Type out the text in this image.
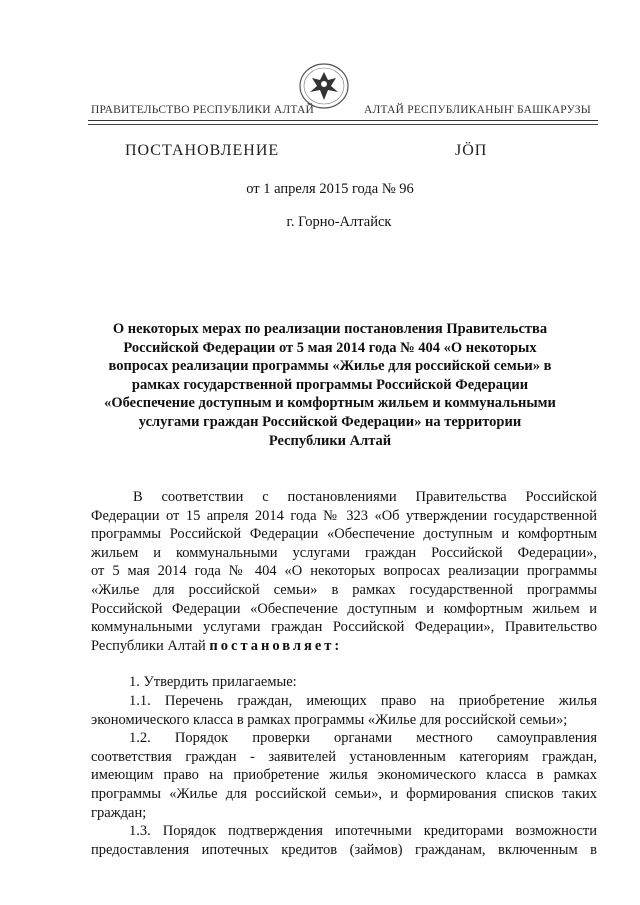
ПРАВИТЕЛЬСТВО РЕСПУБЛИКИ АЛТАЙ	АЛТАЙ РЕСПУБЛИКАНЫҤ БАШКАРУЗЫ
ПОСТАНОВЛЕНИЕ	JÖП
от 1 апреля 2015 года № 96
г. Горно-Алтайск
О некоторых мерах по реализации постановления Правительства
Российской Федерации от 5 мая 2014 года № 404 «О некоторых
вопросах реализации программы «Жилье для российской семьи» в
рамках государственной программы Российской Федерации
«Обеспечение доступным и комфортным жильем и коммунальными
услугами граждан Российской Федерации» на территории
Республики Алтай
В соответствии с постановлениями Правительства Российской
Федерации от 15 апреля 2014 года № 323 «Об утверждении государственной
программы Российской Федерации «Обеспечение доступным и комфортным
жильем и коммунальными услугами граждан Российской Федерации»,
от 5 мая 2014 года № 404 «О некоторых вопросах реализации программы
«Жилье для российской семьи» в рамках государственной программы
Российской Федерации «Обеспечение доступным и комфортным жильем и
коммунальными услугами граждан Российской Федерации», Правительство
Республики Алтай постановляет:
1. Утвердить прилагаемые:
1.1. Перечень граждан, имеющих право на приобретение жилья
экономического класса в рамках программы «Жилье для российской семьи»;
1.2. Порядок проверки органами местного самоуправления
соответствия граждан - заявителей установленным категориям граждан,
имеющим право на приобретение жилья экономического класса в рамках
программы «Жилье для российской семьи», и формирования списков таких
граждан;
1.3. Порядок подтверждения ипотечными кредиторами возможности
предоставления ипотечных кредитов (займов) гражданам, включенным в
